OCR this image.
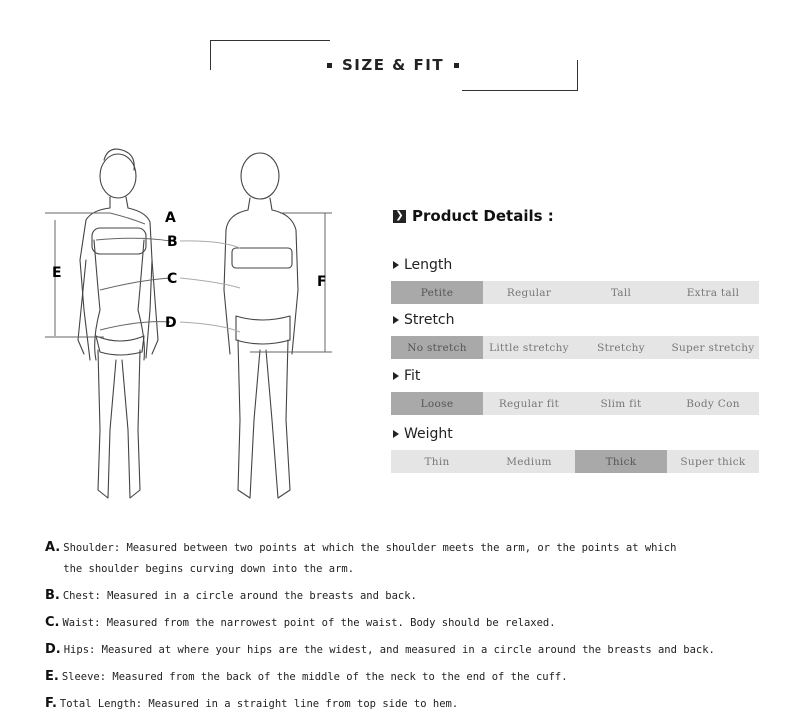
SIZE & FIT
A
B
C
D
E
F
❯ Product Details :
Length
Petite	Regular	Tall	Extra tall
Stretch
No stretch	Little stretchy	Stretchy	Super stretchy
Fit
Loose	Regular fit	Slim fit	Body Con
Weight
Thin	Medium	Thick	Super thick
A. Shoulder: Measured between two points at which the shoulder meets the arm, or the points at which
the shoulder begins curving down into the arm.
B. Chest: Measured in a circle around the breasts and back.
C. Waist: Measured from the narrowest point of the waist. Body should be relaxed.
D. Hips: Measured at where your hips are the widest, and measured in a circle around the breasts and back.
E. Sleeve: Measured from the back of the middle of the neck to the end of the cuff.
F. Total Length: Measured in a straight line from top side to hem.
